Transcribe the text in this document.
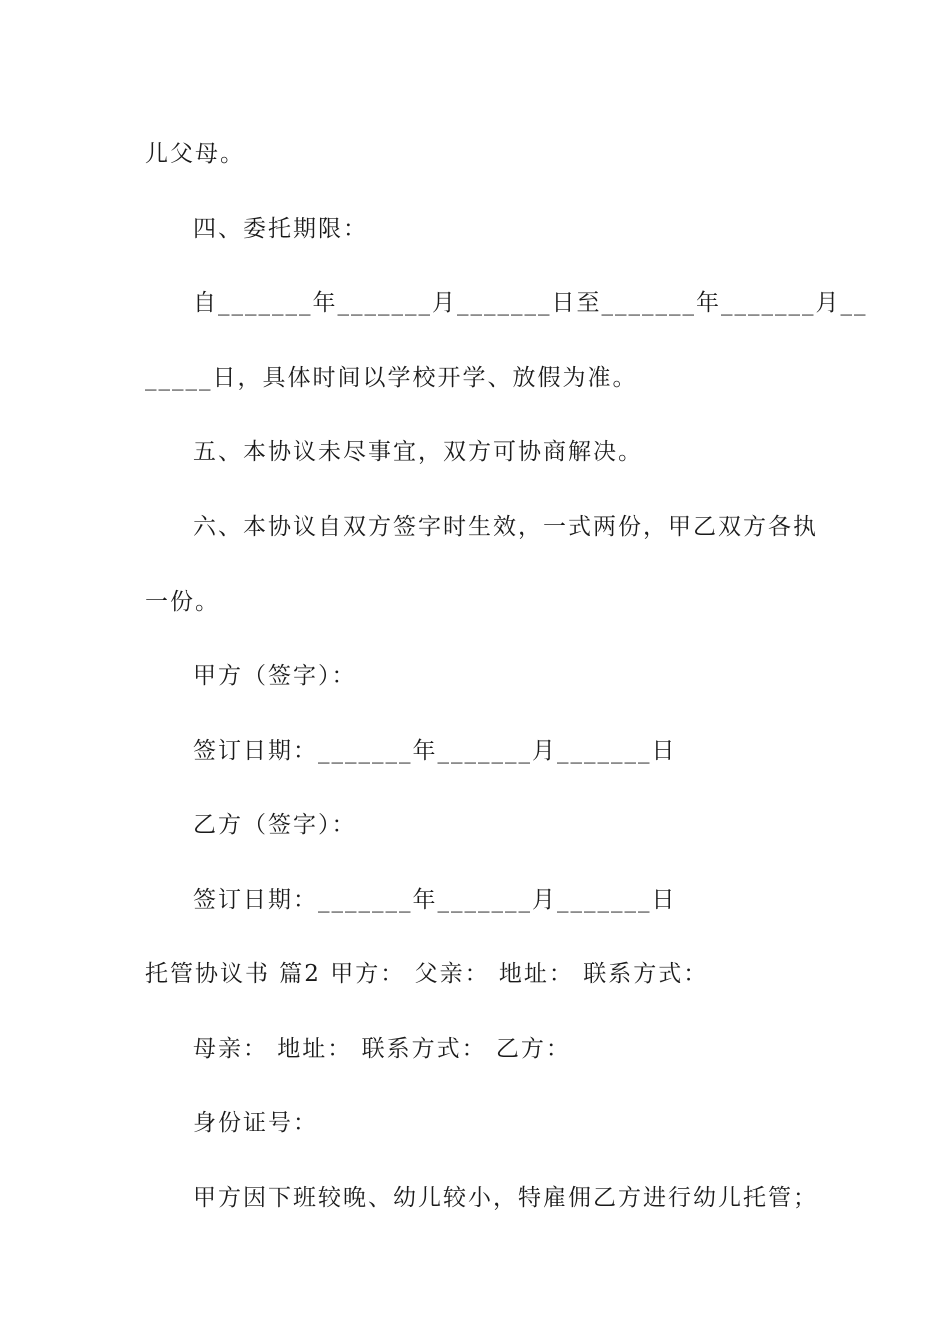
儿父母。
四、委托期限：
自_______年_______月_______日至_______年_______月__
_____日，具体时间以学校开学、放假为准。
五、本协议未尽事宜，双方可协商解决。
六、本协议自双方签字时生效，一式两份，甲乙双方各执
一份。
甲方（签字）：
签订日期：_______年_______月_______日
乙方（签字）：
签订日期：_______年_______月_______日
托管协议书 篇2 甲方： 父亲： 地址： 联系方式：
母亲： 地址： 联系方式： 乙方：
身份证号：
甲方因下班较晚、幼儿较小，特雇佣乙方进行幼儿托管；
